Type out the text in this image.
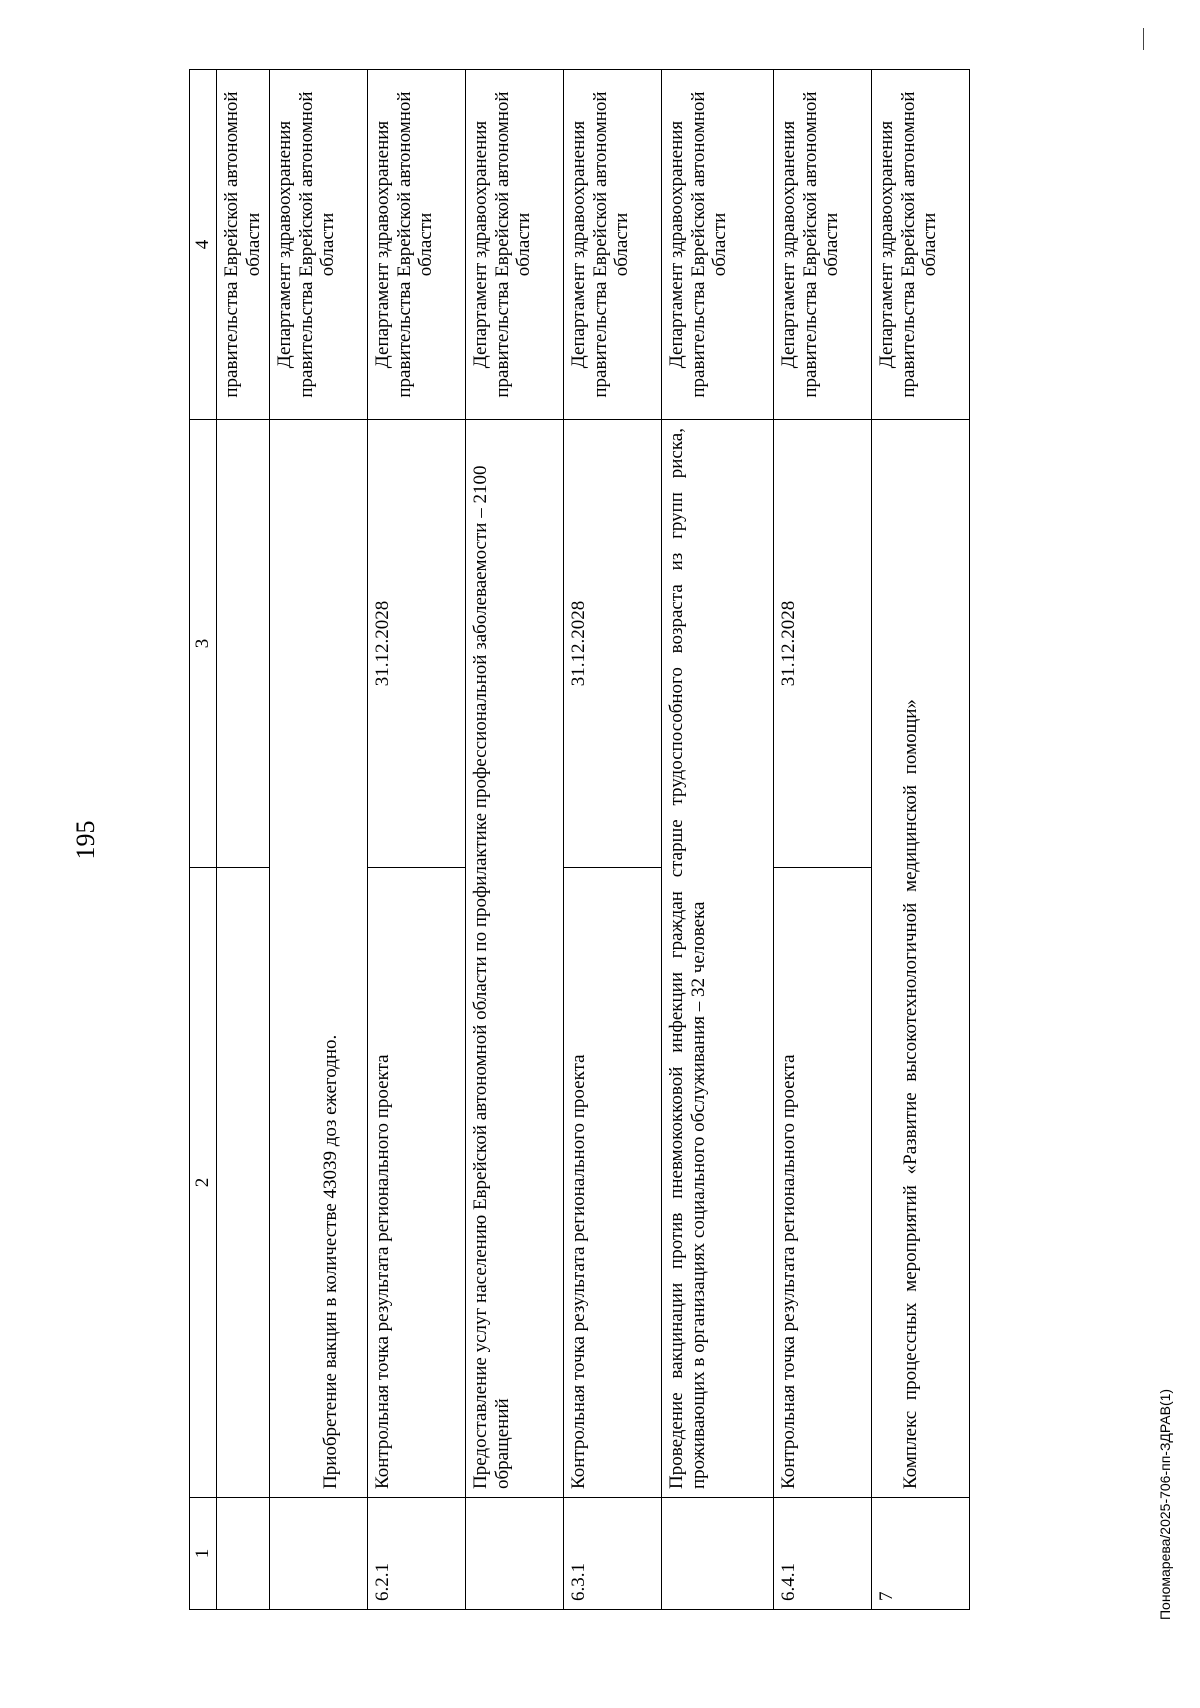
195
1	2	3	4
			правительства Еврейской автономной области
	Приобретение вакцин в количестве 43039 доз ежегодно.		Департамент здравоохранения правительства Еврейской автономной области
6.2.1	Контрольная точка результата регионального проекта	31.12.2028	Департамент здравоохранения правительства Еврейской автономной области
	Предоставление услуг населению Еврейской автономной области по профилактике профессиональной заболеваемости – 2100 обращений		Департамент здравоохранения правительства Еврейской автономной области
6.3.1	Контрольная точка результата регионального проекта	31.12.2028	Департамент здравоохранения правительства Еврейской автономной области
	Проведение вакцинации против пневмококковой инфекции граждан старше трудоспособного возраста из групп риска, проживающих в организациях социального обслуживания – 32 человека		Департамент здравоохранения правительства Еврейской автономной области
6.4.1	Контрольная точка результата регионального проекта	31.12.2028	Департамент здравоохранения правительства Еврейской автономной области
7	Комплекс процессных мероприятий «Развитие высокотехнологичной медицинской помощи»		Департамент здравоохранения правительства Еврейской автономной области
Пономарева/2025-706-пп-ЗДРАВ(1)
